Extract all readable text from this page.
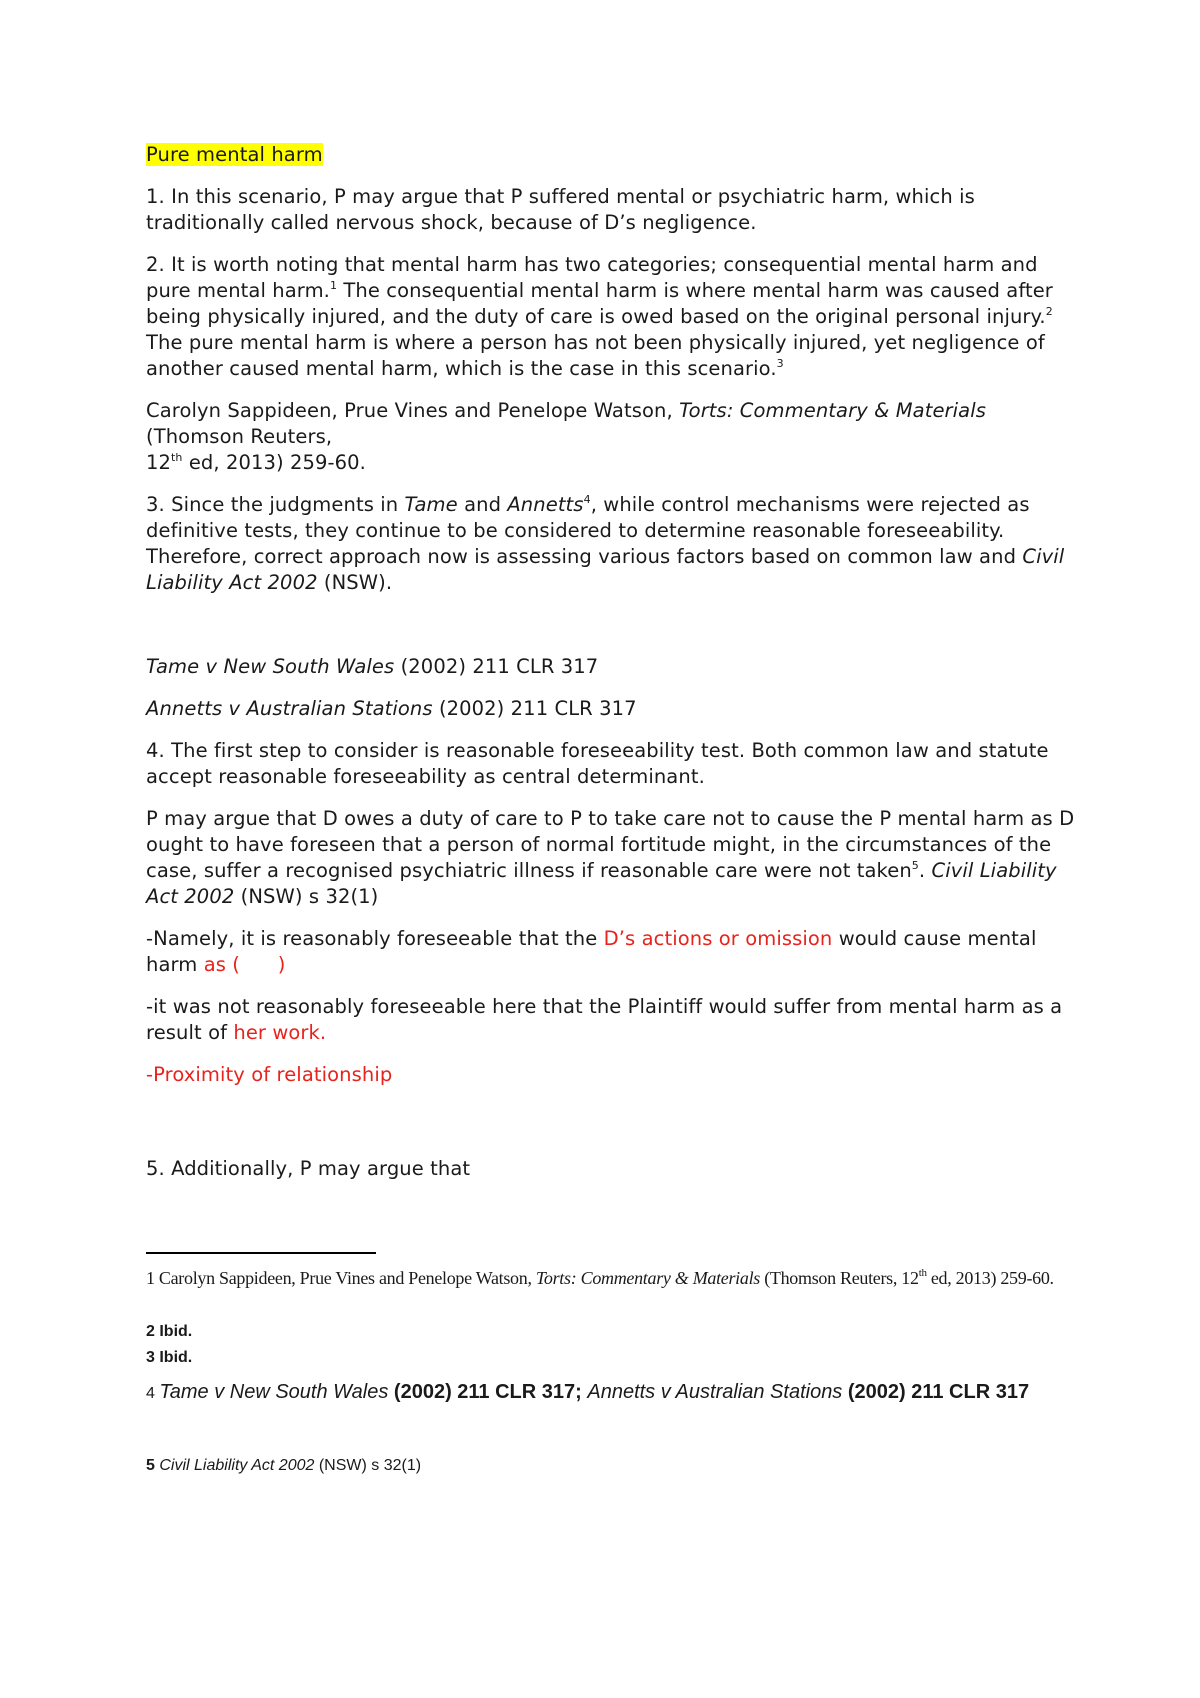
Pure mental harm

1. In this scenario, P may argue that P suffered mental or psychiatric harm, which is traditionally called nervous shock, because of D’s negligence.

2. It is worth noting that mental harm has two categories; consequential mental harm and pure mental harm.$^1$ The consequential mental harm is where mental harm was caused after being physically injured, and the duty of care is owed based on the original personal injury.$^2$ The pure mental harm is where a person has not been physically injured, yet negligence of another caused mental harm, which is the case in this scenario.$^3$

Carolyn Sappideen, Prue Vines and Penelope Watson, Torts: Commentary & Materials (Thomson Reuters,
12th ed, 2013) 259-60.

3. Since the judgments in Tame and Annetts$^4$, while control mechanisms were rejected as definitive tests, they continue to be considered to determine reasonable foreseeability. Therefore, correct approach now is assessing various factors based on common law and Civil Liability Act 2002 (NSW).

Tame v New South Wales (2002) 211 CLR 317

Annetts v Australian Stations (2002) 211 CLR 317

4. The first step to consider is reasonable foreseeability test. Both common law and statute accept reasonable foreseeability as central determinant.

P may argue that D owes a duty of care to P to take care not to cause the P mental harm as D ought to have foreseen that a person of normal fortitude might, in the circumstances of the case, suffer a recognised psychiatric illness if reasonable care were not taken$^5$. Civil Liability Act 2002 (NSW) s 32(1)

-Namely, it is reasonably foreseeable that the D’s actions or omission would cause mental harm as (      )

-it was not reasonably foreseeable here that the Plaintiff would suffer from mental harm as a result of her work.

-Proximity of relationship

5. Additionally, P may argue that

1 Carolyn Sappideen, Prue Vines and Penelope Watson, Torts: Commentary & Materials (Thomson Reuters, 12th ed, 2013) 259-60.
2 Ibid.
3 Ibid.
4 Tame v New South Wales (2002) 211 CLR 317; Annetts v Australian Stations (2002) 211 CLR 317
5 Civil Liability Act 2002 (NSW) s 32(1)
